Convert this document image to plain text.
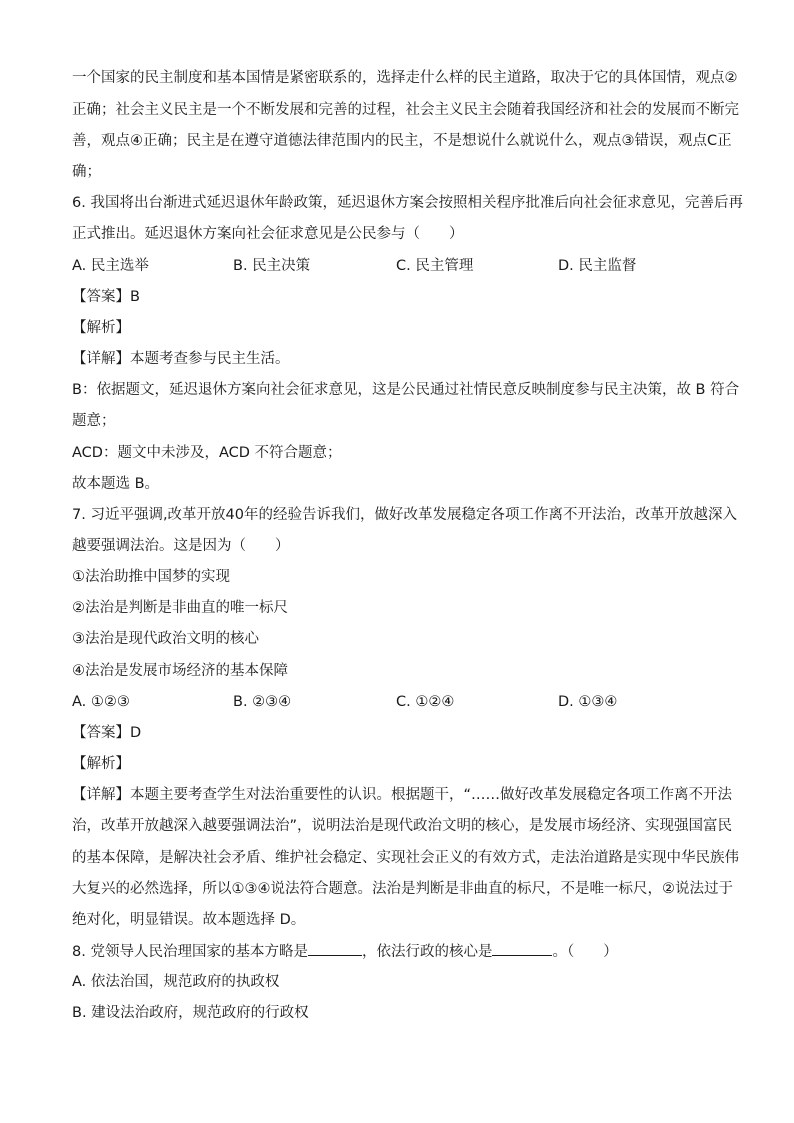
一个国家的民主制度和基本国情是紧密联系的，选择走什么样的民主道路，取决于它的具体国情，观点②
正确；社会主义民主是一个不断发展和完善的过程，社会主义民主会随着我国经济和社会的发展而不断完
善，观点④正确；民主是在遵守道德法律范围内的民主，不是想说什么就说什么，观点③错误，观点C正
确；
6. 我国将出台渐进式延迟退休年龄政策，延迟退休方案会按照相关程序批准后向社会征求意见，完善后再
正式推出。延迟退休方案向社会征求意见是公民参与（　　）
A. 民主选举	B. 民主决策	C. 民主管理	D. 民主监督
【答案】B
【解析】
【详解】本题考查参与民主生活。
B：依据题文，延迟退休方案向社会征求意见，这是公民通过社情民意反映制度参与民主决策，故 B 符合
题意；
ACD：题文中未涉及，ACD 不符合题意；
故本题选 B。
7. 习近平强调,改革开放40年的经验告诉我们，做好改革发展稳定各项工作离不开法治，改革开放越深入
越要强调法治。这是因为（　　）
①法治助推中国梦的实现
②法治是判断是非曲直的唯一标尺
③法治是现代政治文明的核心
④法治是发展市场经济的基本保障
A. ①②③	B. ②③④	C. ①②④	D. ①③④
【答案】D
【解析】
【详解】本题主要考查学生对法治重要性的认识。根据题干，“……做好改革发展稳定各项工作离不开法
治，改革开放越深入越要强调法治”，说明法治是现代政治文明的核心，是发展市场经济、实现强国富民
的基本保障，是解决社会矛盾、维护社会稳定、实现社会正义的有效方式，走法治道路是实现中华民族伟
大复兴的必然选择，所以①③④说法符合题意。法治是判断是非曲直的标尺，不是唯一标尺，②说法过于
绝对化，明显错误。故本题选择 D。
8. 党领导人民治理国家的基本方略是	，依法行政的核心是	。（　　）
A. 依法治国，规范政府的执政权
B. 建设法治政府，规范政府的行政权
